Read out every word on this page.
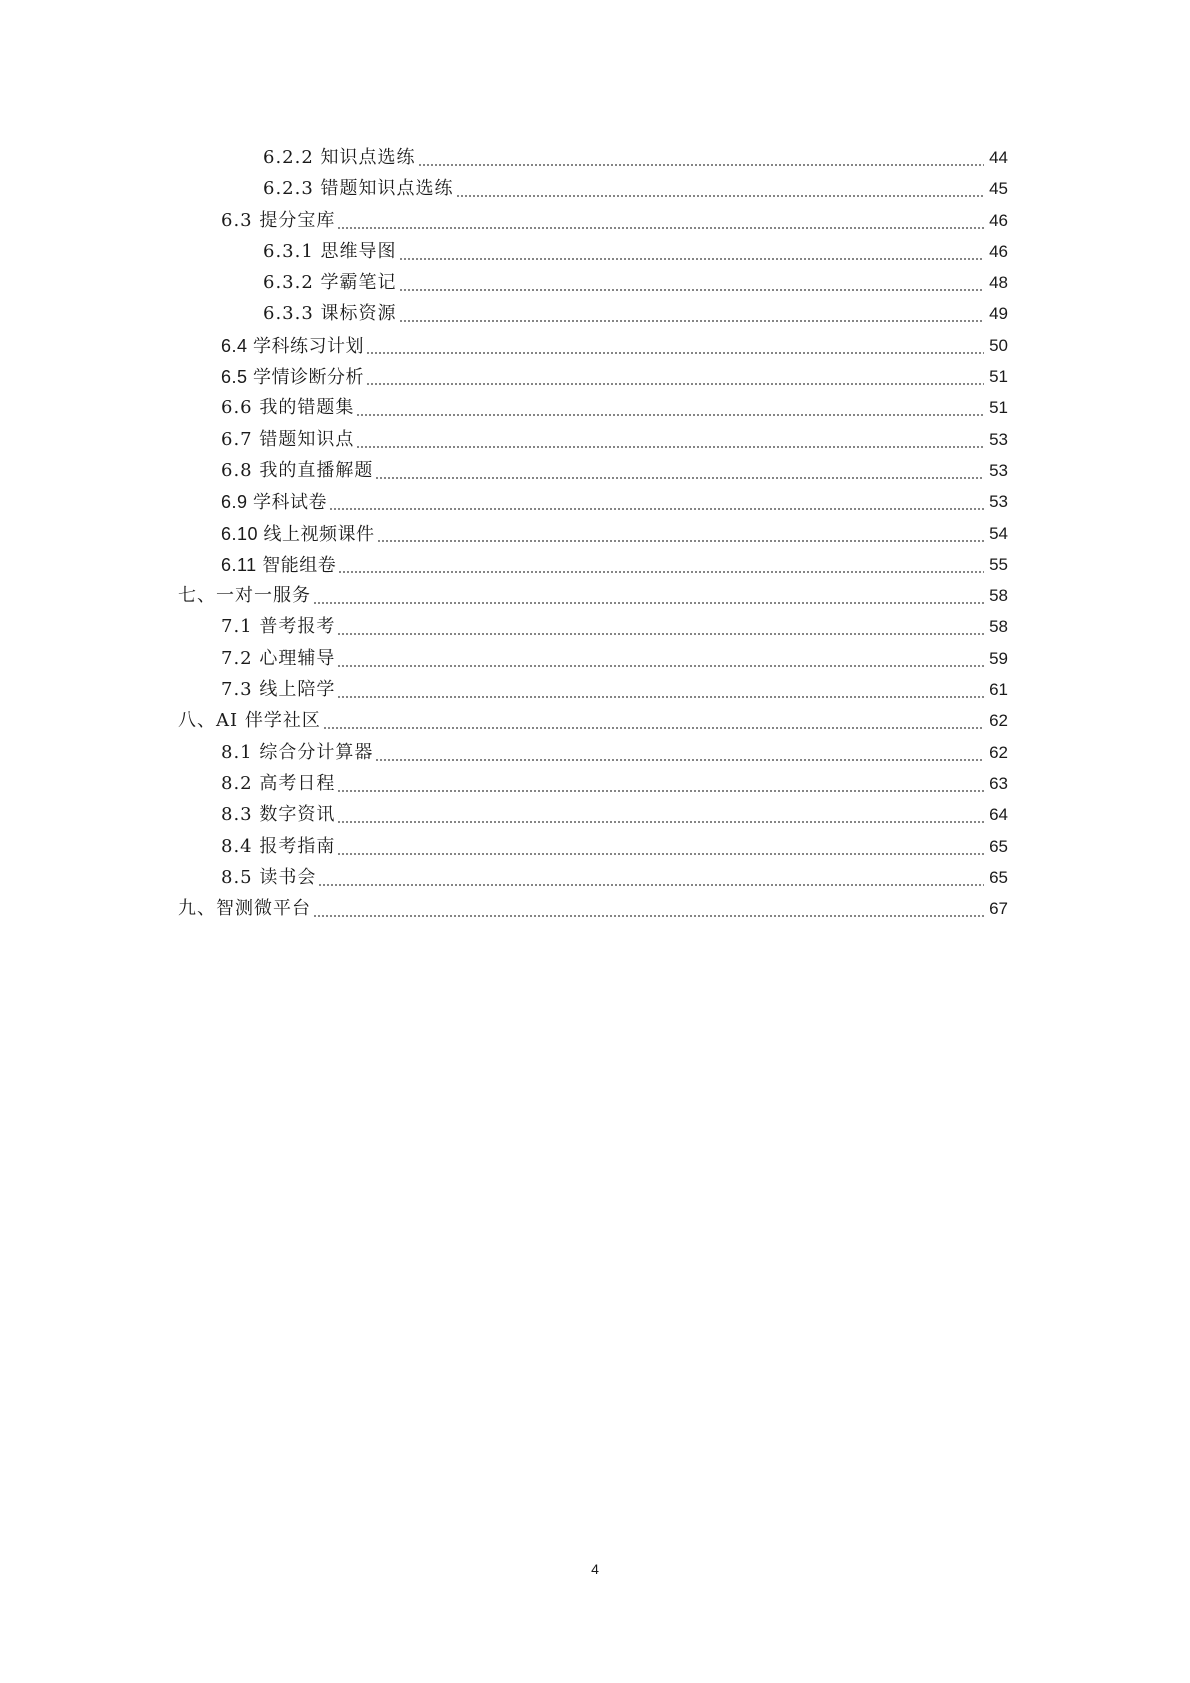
6.2.2 知识点选练	44
6.2.3 错题知识点选练	45
6.3 提分宝库	46
6.3.1 思维导图	46
6.3.2 学霸笔记	48
6.3.3 课标资源	49
6.4 学科练习计划	50
6.5 学情诊断分析	51
6.6 我的错题集	51
6.7 错题知识点	53
6.8 我的直播解题	53
6.9 学科试卷	53
6.10 线上视频课件	54
6.11 智能组卷	55
七、一对一服务	58
7.1 普考报考	58
7.2 心理辅导	59
7.3 线上陪学	61
八、AI 伴学社区	62
8.1 综合分计算器	62
8.2 高考日程	63
8.3 数字资讯	64
8.4 报考指南	65
8.5 读书会	65
九、智测微平台	67
4
